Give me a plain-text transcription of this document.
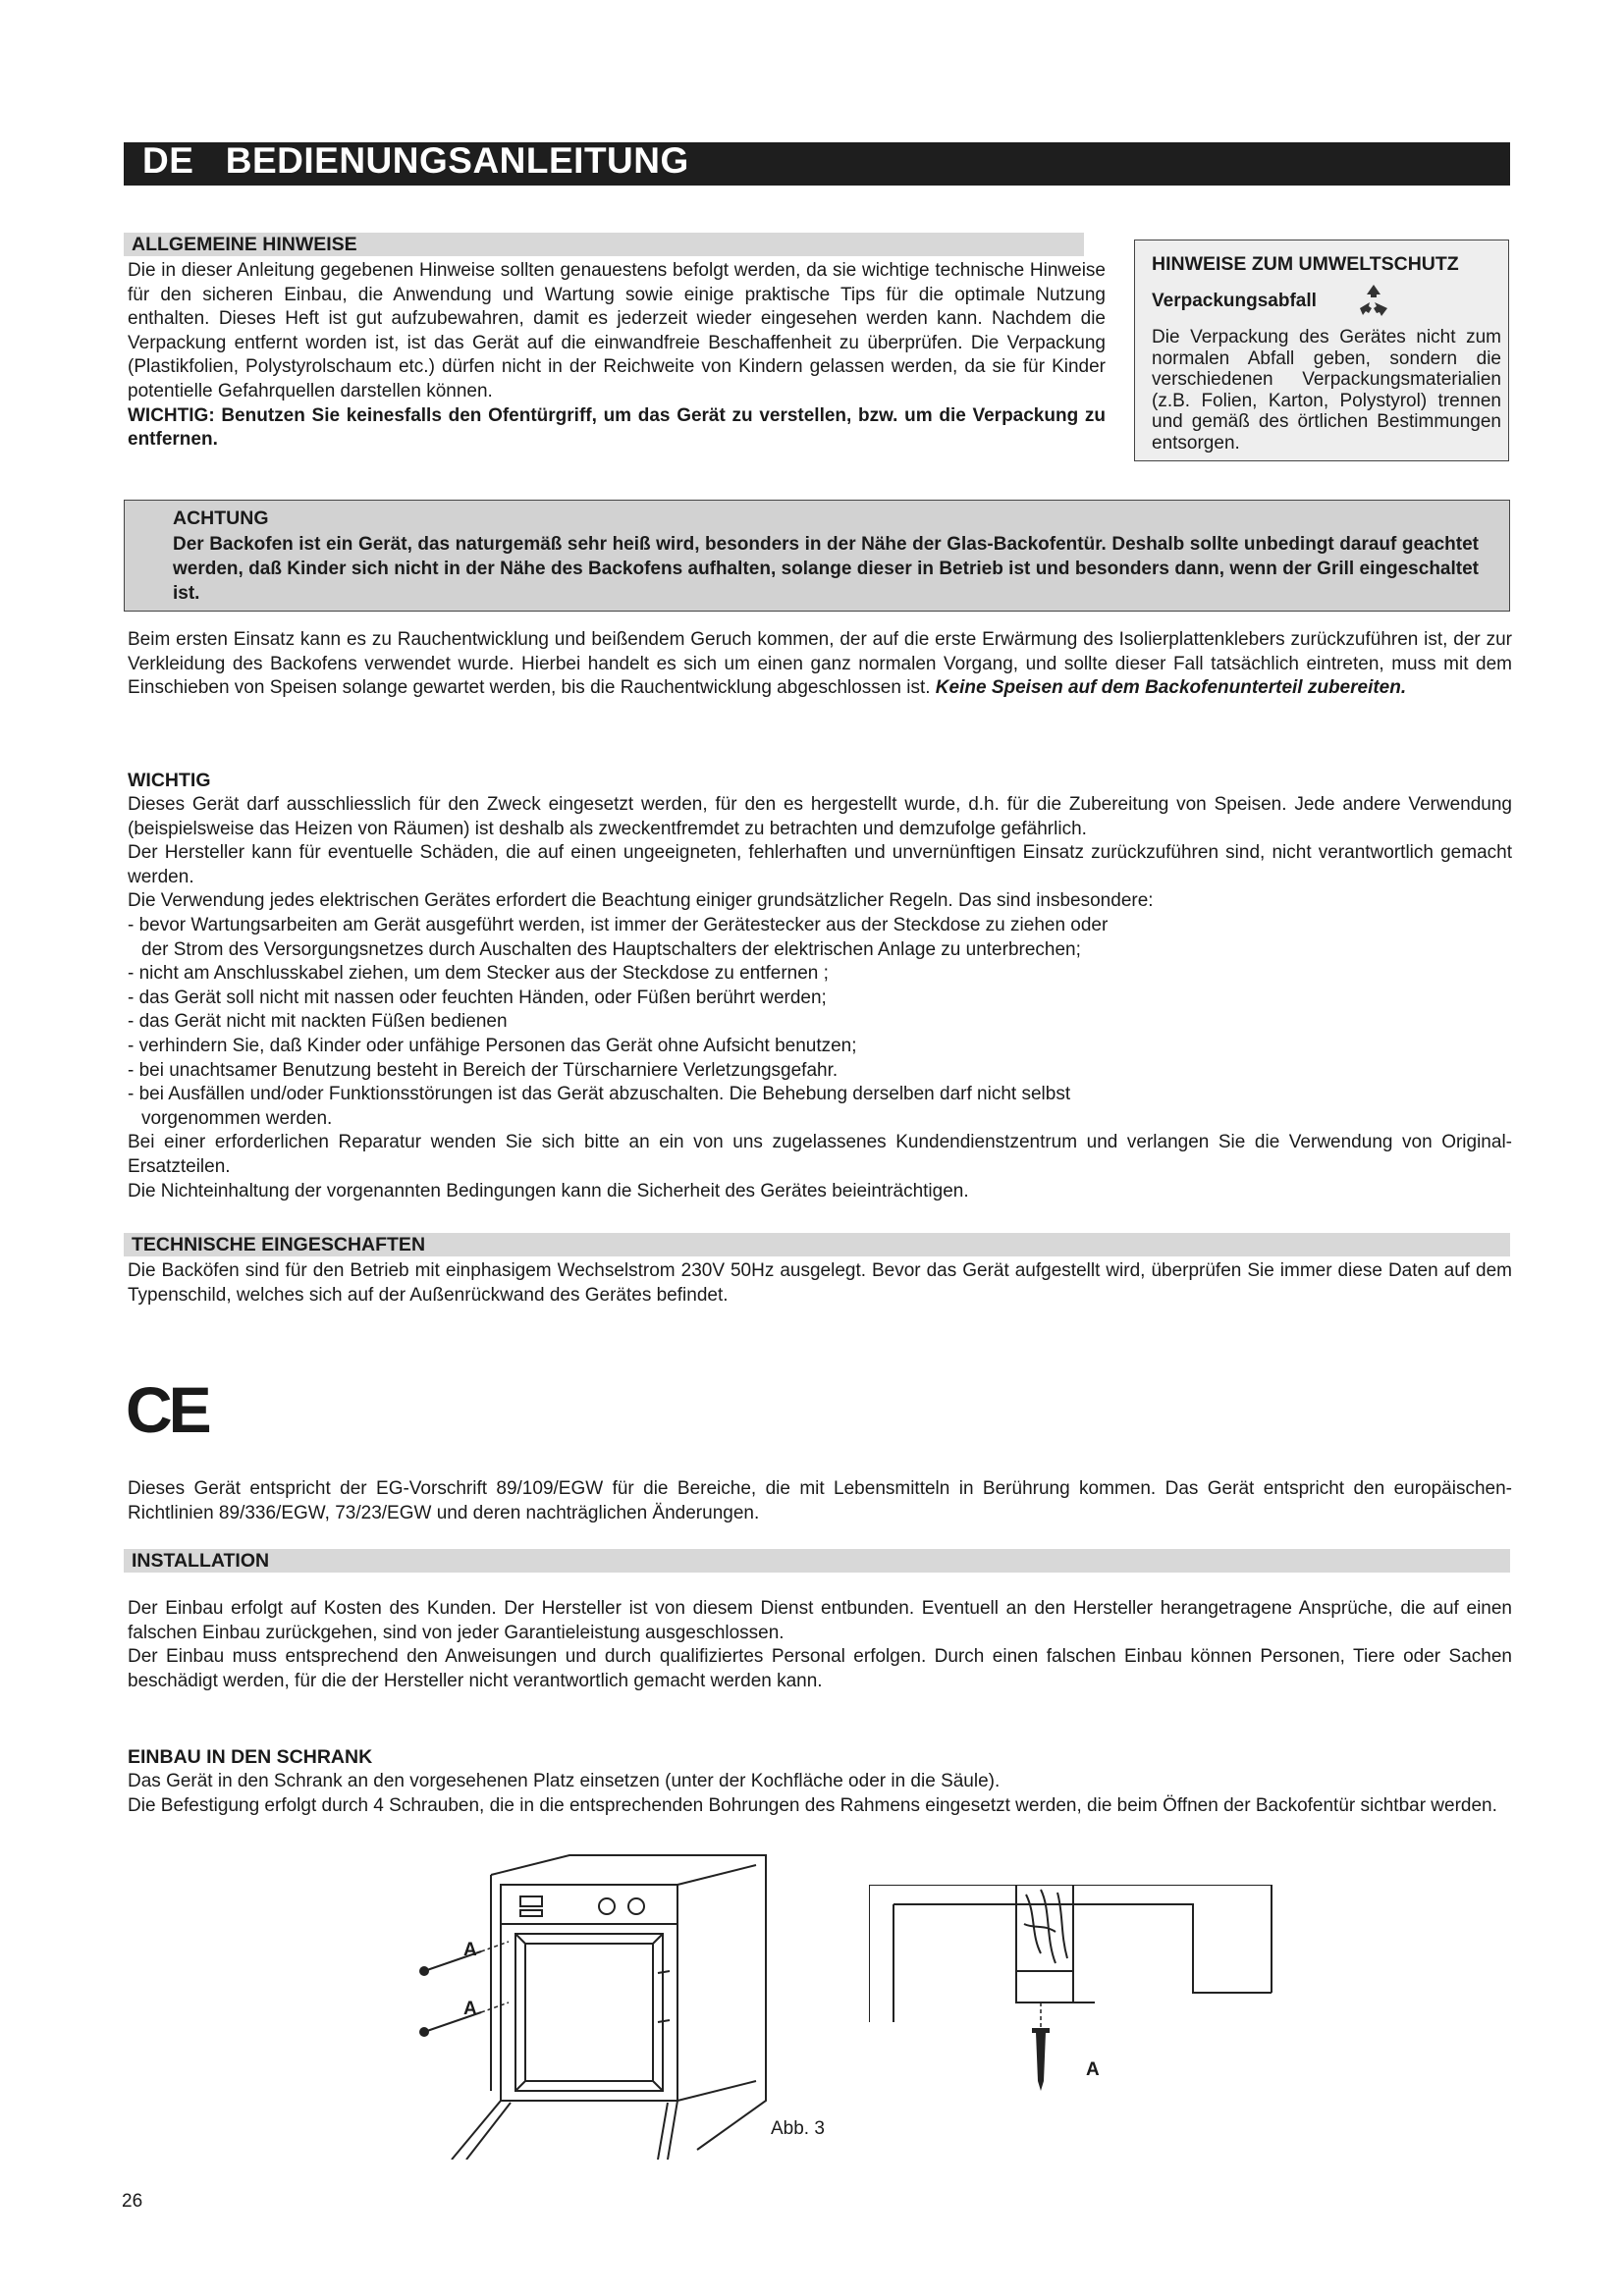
DE BEDIENUNGSANLEITUNG
ALLGEMEINE HINWEISE

Die in dieser Anleitung gegebenen Hinweise sollten genauestens befolgt werden, da sie wichtige technische Hinweise für den sicheren Einbau, die Anwendung und Wartung sowie einige praktische Tips für die optimale Nutzung enthalten. Dieses Heft ist gut aufzubewahren, damit es jederzeit wieder eingesehen werden kann. Nachdem die Verpackung entfernt worden ist, ist das Gerät auf die einwandfreie Beschaffenheit zu überprüfen. Die Verpackung (Plastikfolien, Polystyrolschaum etc.) dürfen nicht in der Reichweite von Kindern gelassen werden, da sie für Kinder potentielle Gefahrquellen darstellen können.

WICHTIG: Benutzen Sie keinesfalls den Ofentürgriff, um das Gerät zu verstellen, bzw. um die Verpackung zu entfernen.

HINWEISE ZUM UMWELTSCHUTZ
Verpackungsabfall
Die Verpackung des Gerätes nicht zum normalen Abfall geben, sondern die verschiedenen Verpackungsmaterialien (z.B. Folien, Karton, Polystyrol) trennen und gemäß des örtlichen Bestimmungen entsorgen.
ACHTUNG
Der Backofen ist ein Gerät, das naturgemäß sehr heiß wird, besonders in der Nähe der Glas-Backofentür. Deshalb sollte unbedingt darauf geachtet werden, daß Kinder sich nicht in der Nähe des Backofens aufhalten, solange dieser in Betrieb ist und besonders dann, wenn der Grill eingeschaltet ist.
Beim ersten Einsatz kann es zu Rauchentwicklung und beißendem Geruch kommen, der auf die erste Erwärmung des Isolierplattenklebers zurückzuführen ist, der zur Verkleidung des Backofens verwendet wurde. Hierbei handelt es sich um einen ganz normalen Vorgang, und sollte dieser Fall tatsächlich eintreten, muss mit dem Einschieben von Speisen solange gewartet werden, bis die Rauchentwicklung abgeschlossen ist. Keine Speisen auf dem Backofenunterteil zubereiten.
WICHTIG

Dieses Gerät darf ausschliesslich für den Zweck eingesetzt werden, für den es hergestellt wurde, d.h. für die Zubereitung von Speisen. Jede andere Verwendung (beispielsweise das Heizen von Räumen) ist deshalb als zweckentfremdet zu betrachten und demzufolge gefährlich.

Der Hersteller kann für eventuelle Schäden, die auf einen ungeeigneten, fehlerhaften und unvernünftigen Einsatz zurückzuführen sind, nicht verantwortlich gemacht werden.

Die Verwendung jedes elektrischen Gerätes erfordert die Beachtung einiger grundsätzlicher Regeln. Das sind insbesondere:

- bevor Wartungsarbeiten am Gerät ausgeführt werden, ist immer der Gerätestecker aus der Steckdose zu ziehen oder

der Strom des Versorgungsnetzes durch Auschalten des Hauptschalters der elektrischen Anlage zu unterbrechen;

- nicht am Anschlusskabel ziehen, um dem Stecker aus der Steckdose zu entfernen ;

- das Gerät soll nicht mit nassen oder feuchten Händen, oder Füßen berührt werden;

- das Gerät nicht mit nackten Füßen bedienen

- verhindern Sie, daß Kinder oder unfähige Personen das Gerät ohne Aufsicht benutzen;

- bei unachtsamer Benutzung besteht in Bereich der Türscharniere Verletzungsgefahr.

- bei Ausfällen und/oder Funktionsstörungen ist das Gerät abzuschalten. Die Behebung derselben darf nicht selbst

vorgenommen werden.

Bei einer erforderlichen Reparatur wenden Sie sich bitte an ein von uns zugelassenes Kundendienstzentrum und verlangen Sie die Verwendung von Original-Ersatzteilen.

Die Nichteinhaltung der vorgenannten Bedingungen kann die Sicherheit des Gerätes beieinträchtigen.

TECHNISCHE EINGESCHAFTEN
Die Backöfen sind für den Betrieb mit einphasigem Wechselstrom 230V 50Hz ausgelegt. Bevor das Gerät aufgestellt wird, überprüfen Sie immer diese Daten auf dem Typenschild, welches sich auf der Außenrückwand des Gerätes befindet.
CE
Dieses Gerät entspricht der EG-Vorschrift 89/109/EGW für die Bereiche, die mit Lebensmitteln in Berührung kommen. Das Gerät entspricht den europäischen-Richtlinien 89/336/EGW, 73/23/EGW und deren nachträglichen Änderungen.
INSTALLATION

Der Einbau erfolgt auf Kosten des Kunden. Der Hersteller ist von diesem Dienst entbunden. Eventuell an den Hersteller herangetragene Ansprüche, die auf einen falschen Einbau zurückgehen, sind von jeder Garantieleistung ausgeschlossen.

Der Einbau muss entsprechend den Anweisungen und durch qualifiziertes Personal erfolgen. Durch einen falschen Einbau können Personen, Tiere oder Sachen beschädigt werden, für die der Hersteller nicht verantwortlich gemacht werden kann.

EINBAU IN DEN SCHRANK

Das Gerät in den Schrank an den vorgesehenen Platz einsetzen (unter der Kochfläche oder in die Säule).

Die Befestigung erfolgt durch 4 Schrauben, die in die entsprechenden Bohrungen des Rahmens eingesetzt werden, die beim Öffnen der Backofentür sichtbar werden.

A
A
A
Abb. 3
26
